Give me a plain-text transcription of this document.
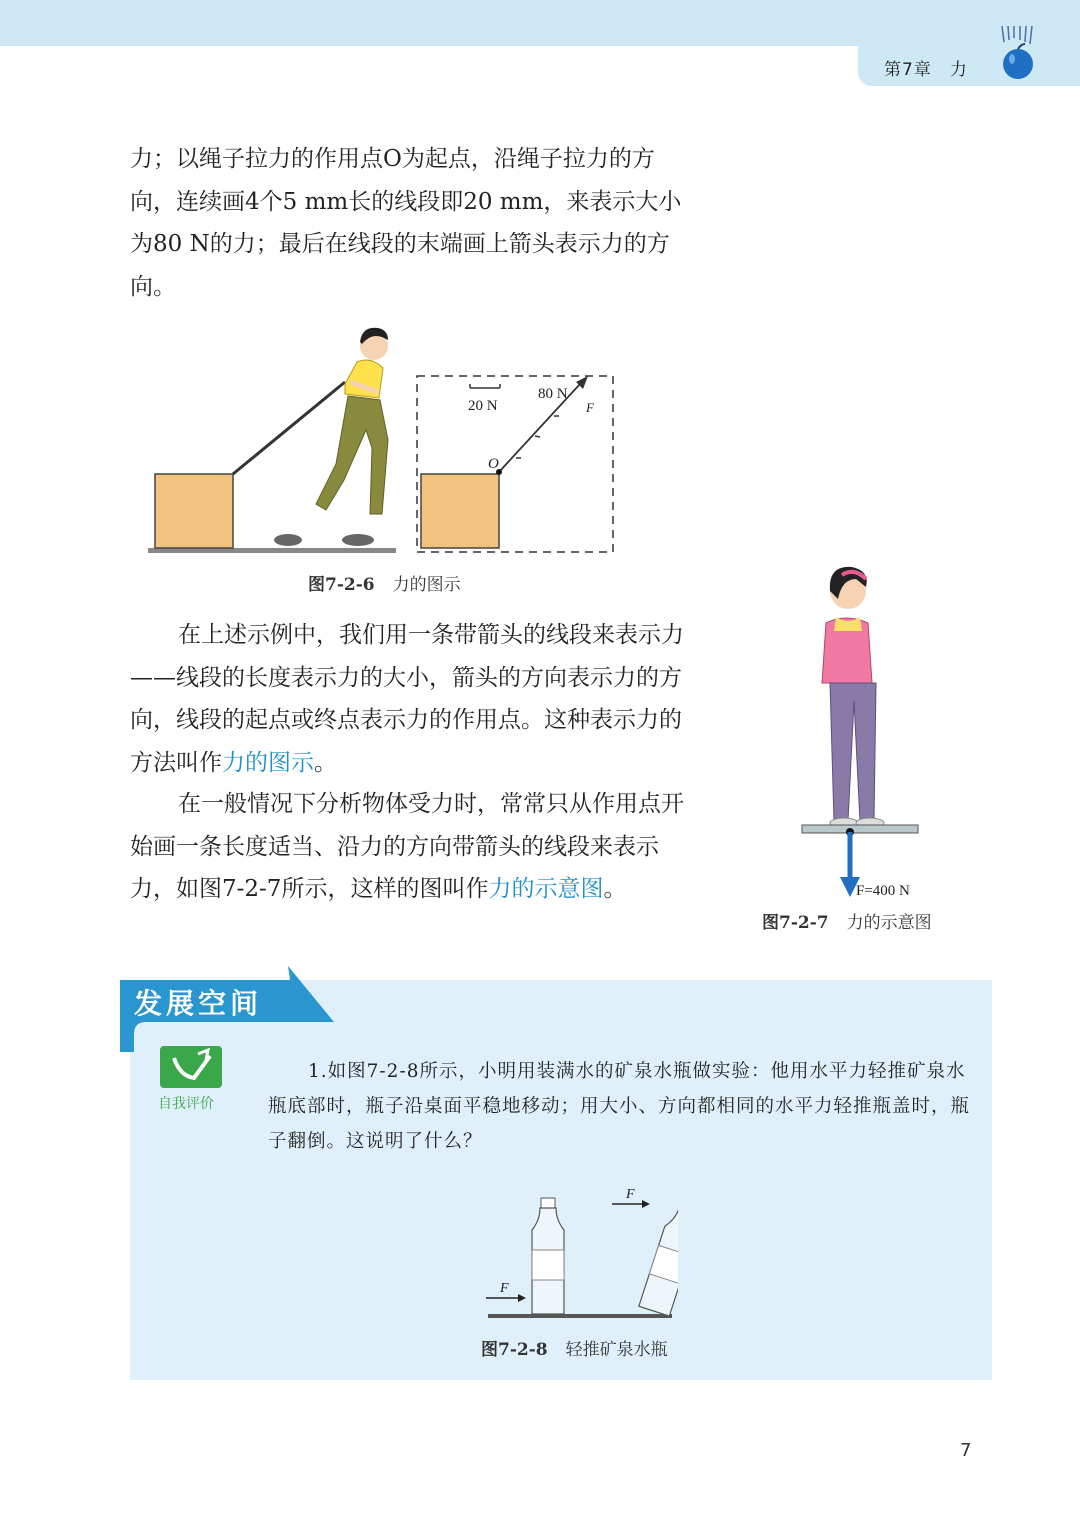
第7章　力

力；以绳子拉力的作用点O为起点，沿绳子拉力的方向，连续画4个5 mm长的线段即20 mm，来表示大小为80 N的力；最后在线段的末端画上箭头表示力的方向。

20 N
O
80 N
F
图7-2-6 力的图示

在上述示例中，我们用一条带箭头的线段来表示力——线段的长度表示力的大小，箭头的方向表示力的方向，线段的起点或终点表示力的作用点。这种表示力的方法叫作力的图示。

在一般情况下分析物体受力时，常常只从作用点开始画一条长度适当、沿力的方向带箭头的线段来表示力，如图7-2-7所示，这样的图叫作力的示意图。	F=400 N
图7-2-7 力的示意图
发展空间
自我评价

1.如图7-2-8所示，小明用装满水的矿泉水瓶做实验：他用水平力轻推矿泉水瓶底部时，瓶子沿桌面平稳地移动；用大小、方向都相同的水平力轻推瓶盖时，瓶子翻倒。这说明了什么？

F
F
图7-2-8 轻推矿泉水瓶
7
